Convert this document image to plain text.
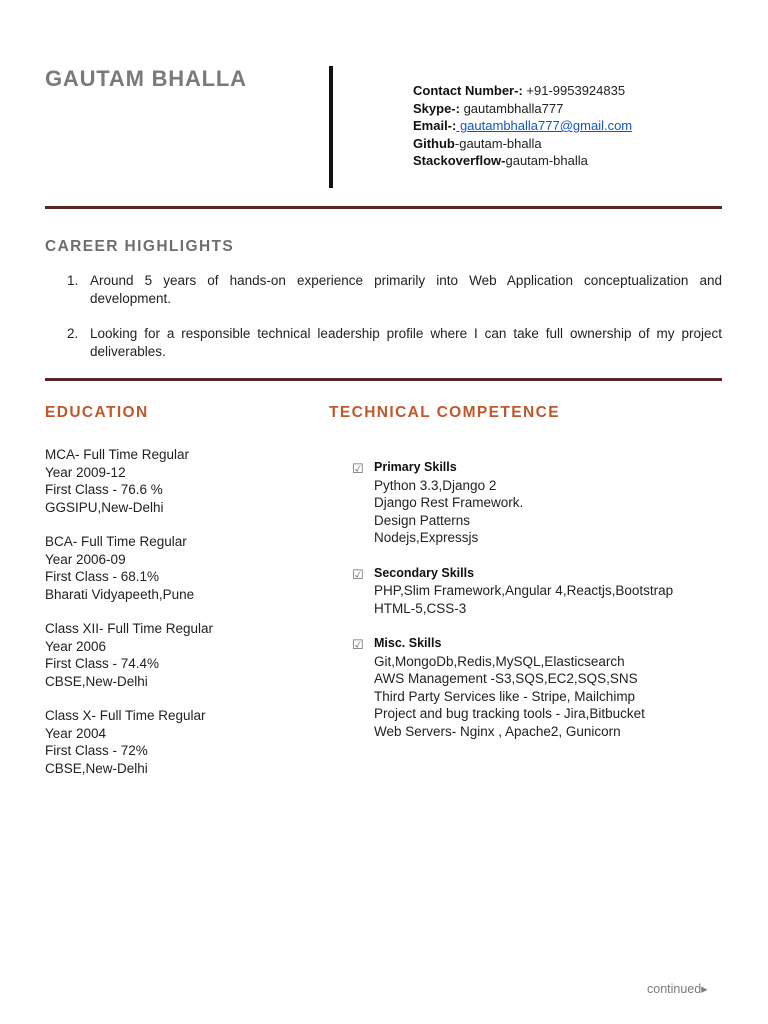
GAUTAM BHALLA	Contact Number-: +91-9953924835
Skype-: gautambhalla777
Email-: gautambhalla777@gmail.com
Github-gautam-bhalla
Stackoverflow-gautam-bhalla
CAREER HIGHLIGHTS
1. Around 5 years of hands-on experience primarily into Web Application conceptualization and development.
2. Looking for a responsible technical leadership profile where I can take full ownership of my project deliverables.
EDUCATION	TECHNICAL COMPETENCE
MCA- Full Time Regular
Year 2009-12
First Class - 76.6 %
GGSIPU,New-Delhi
BCA- Full Time Regular
Year 2006-09
First Class - 68.1%
Bharati Vidyapeeth,Pune
Class XII- Full Time Regular
Year 2006
First Class - 74.4%
CBSE,New-Delhi
Class X- Full Time Regular
Year 2004
First Class - 72%
CBSE,New-Delhi
☑ Primary Skills
Python 3.3,Django 2
Django Rest Framework.
Design Patterns
Nodejs,Expressjs
☑ Secondary Skills
PHP,Slim Framework,Angular 4,Reactjs,Bootstrap
HTML-5,CSS-3
☑ Misc. Skills
Git,MongoDb,Redis,MySQL,Elasticsearch
AWS Management -S3,SQS,EC2,SQS,SNS
Third Party Services like - Stripe, Mailchimp
Project and bug tracking tools - Jira,Bitbucket
Web Servers- Nginx , Apache2, Gunicorn
continued▸
